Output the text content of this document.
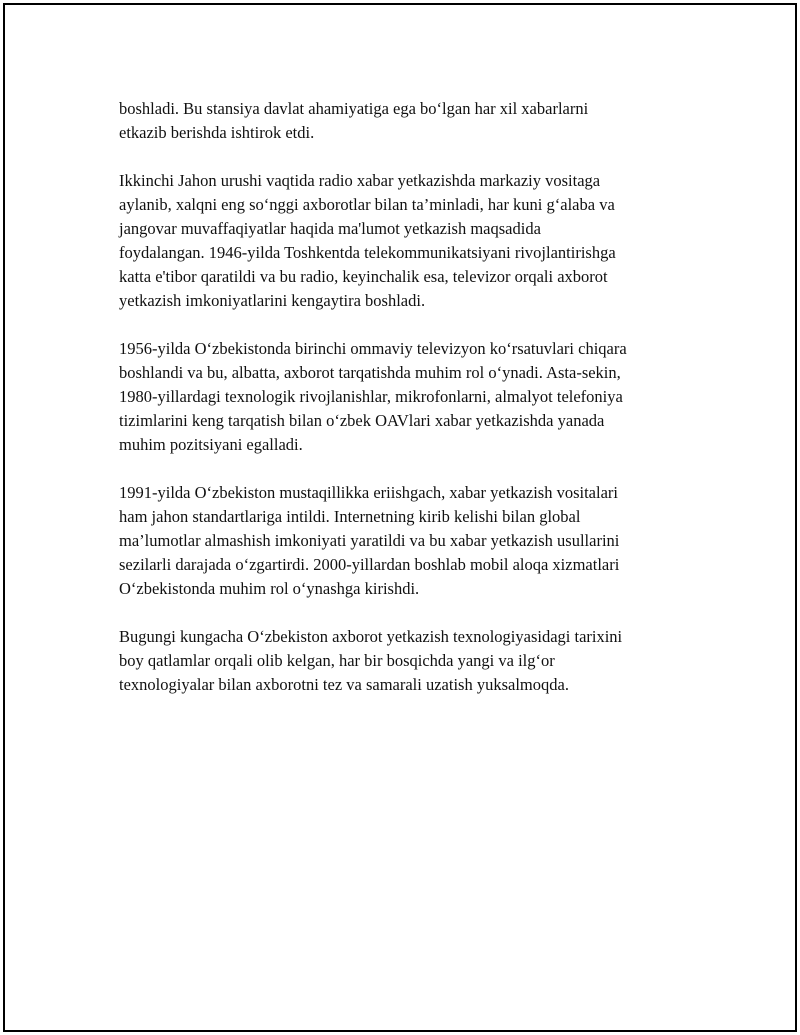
boshladi. Bu stansiya davlat ahamiyatiga ega bo‘lgan har xil xabarlarni
etkazib berishda ishtirok etdi.

Ikkinchi Jahon urushi vaqtida radio xabar yetkazishda markaziy vositaga
aylanib, xalqni eng so‘nggi axborotlar bilan ta’minladi, har kuni g‘alaba va
jangovar muvaffaqiyatlar haqida ma'lumot yetkazish maqsadida
foydalangan. 1946-yilda Toshkentda telekommunikatsiyani rivojlantirishga
katta e'tibor qaratildi va bu radio, keyinchalik esa, televizor orqali axborot
yetkazish imkoniyatlarini kengaytira boshladi.

1956-yilda O‘zbekistonda birinchi ommaviy televizyon ko‘rsatuvlari chiqara
boshlandi va bu, albatta, axborot tarqatishda muhim rol o‘ynadi. Asta-sekin,
1980-yillardagi texnologik rivojlanishlar, mikrofonlarni, almalyot telefoniya
tizimlarini keng tarqatish bilan o‘zbek OAVlari xabar yetkazishda yanada
muhim pozitsiyani egalladi.

1991-yilda O‘zbekiston mustaqillikka eriishgach, xabar yetkazish vositalari
ham jahon standartlariga intildi. Internetning kirib kelishi bilan global
ma’lumotlar almashish imkoniyati yaratildi va bu xabar yetkazish usullarini
sezilarli darajada o‘zgartirdi. 2000-yillardan boshlab mobil aloqa xizmatlari
O‘zbekistonda muhim rol o‘ynashga kirishdi.

Bugungi kungacha O‘zbekiston axborot yetkazish texnologiyasidagi tarixini
boy qatlamlar orqali olib kelgan, har bir bosqichda yangi va ilg‘or
texnologiyalar bilan axborotni tez va samarali uzatish yuksalmoqda.
